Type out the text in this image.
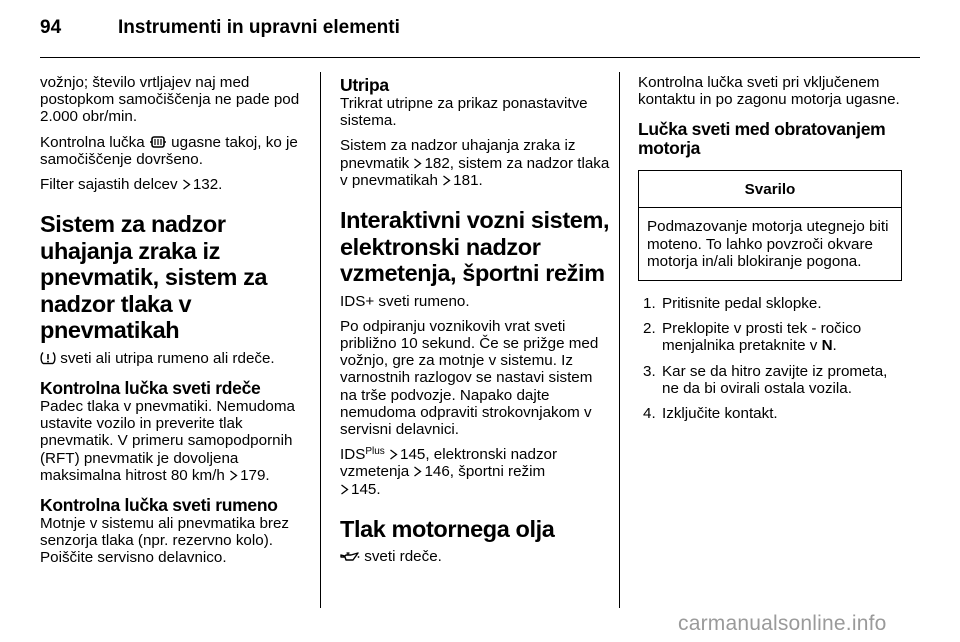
94	Instrumenti in upravni elementi

vožnjo; število vrtljajev naj med postopkom samočiščenja ne pade pod 2.000 obr/min.

Kontrolna lučka ugasne takoj, ko je samočiščenje dovršeno.

Filter sajastih delcev 132.

Sistem za nadzor uhajanja zraka iz pnevmatik, sistem za nadzor tlaka v pnevmatikah

sveti ali utripa rumeno ali rdeče.

Kontrolna lučka sveti rdeče

Padec tlaka v pnevmatiki. Nemudoma ustavite vozilo in preverite tlak pnevmatik. V primeru samopodpornih (RFT) pnevmatik je dovoljena maksimalna hitrost 80 km/h 179.

Kontrolna lučka sveti rumeno

Motnje v sistemu ali pnevmatika brez senzorja tlaka (npr. rezervno kolo). Poiščite servisno delavnico.

Utripa

Trikrat utripne za prikaz ponastavitve sistema.

Sistem za nadzor uhajanja zraka iz pnevmatik 182, sistem za nadzor tlaka v pnevmatikah 181.

Interaktivni vozni sistem, elektronski nadzor vzmetenja, športni režim

IDS+ sveti rumeno.

Po odpiranju voznikovih vrat sveti približno 10 sekund. Če se prižge med vožnjo, gre za motnje v sistemu. Iz varnostnih razlogov se nastavi sistem na trše podvozje. Napako dajte nemudoma odpraviti strokovnjakom v servisni delavnici.

$IDS^{Plus}$ 145, elektronski nadzor vzmetenja 146, športni režim
145.

Tlak motornega olja

sveti rdeče.

Kontrolna lučka sveti pri vključenem kontaktu in po zagonu motorja ugasne.

Lučka sveti med obratovanjem motorja
Svarilo
Podmazovanje motorja utegnejo biti moteno. To lahko povzroči okvare motorja in/ali blokiranje pogona.
1. Pritisnite pedal sklopke.
2. Preklopite v prosti tek - ročico menjalnika pretaknite v N.
3. Kar se da hitro zavijte iz prometa, ne da bi ovirali ostala vozila.
4. Izključite kontakt.
carmanualsonline.info
